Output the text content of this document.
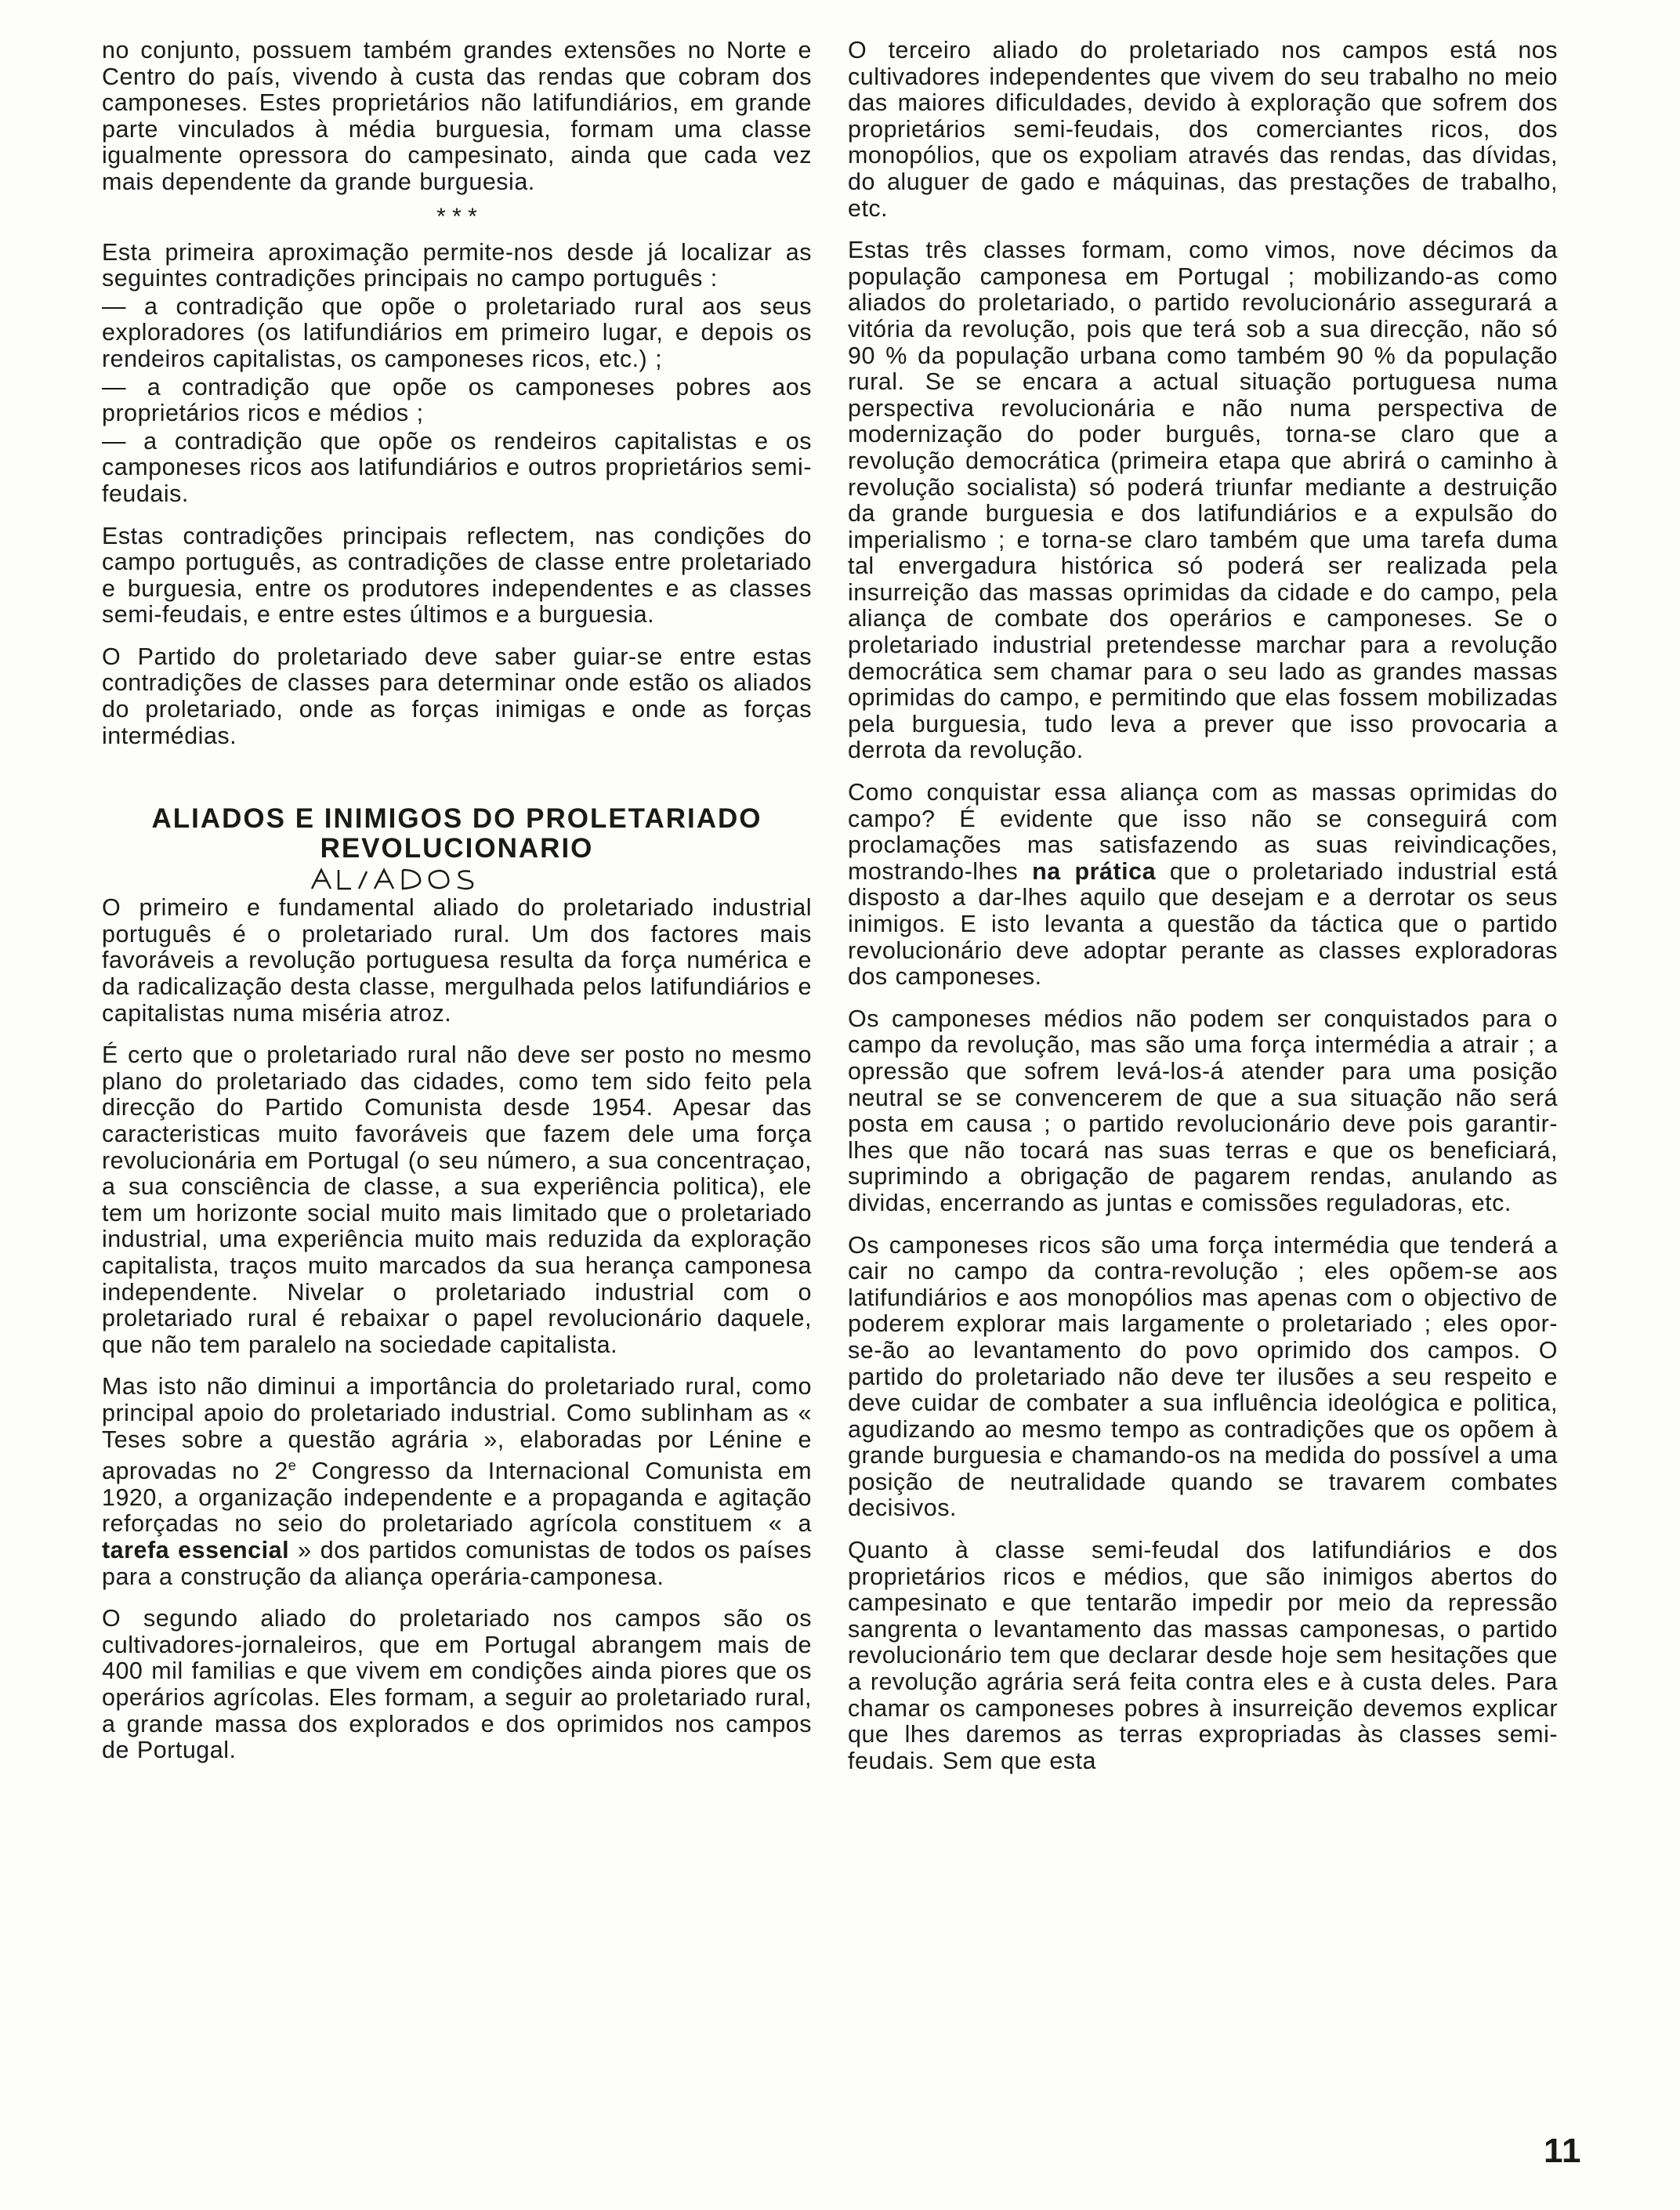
no conjunto, possuem também grandes extensões no Norte e Centro do país, vivendo à custa das rendas que cobram dos camponeses. Estes proprietários não latifundiários, em grande parte vinculados à média burguesia, formam uma classe igualmente opressora do campesinato, ainda que cada vez mais dependente da grande burguesia.

* * *

Esta primeira aproximação permite-nos desde já localizar as seguintes contradições principais no campo português :

— a contradição que opõe o proletariado rural aos seus exploradores (os latifundiários em primeiro lugar, e depois os rendeiros capitalistas, os camponeses ricos, etc.) ;

— a contradição que opõe os camponeses pobres aos proprietários ricos e médios ;

— a contradição que opõe os rendeiros capitalistas e os camponeses ricos aos latifundiários e outros proprietários semi-feudais.

Estas contradições principais reflectem, nas condições do campo português, as contradições de classe entre proletariado e burguesia, entre os produtores independentes e as classes semi-feudais, e entre estes últimos e a burguesia.

O Partido do proletariado deve saber guiar-se entre estas contradições de classes para determinar onde estão os aliados do proletariado, onde as forças inimigas e onde as forças intermédias.

ALIADOS E INIMIGOS DO PROLETARIADO REVOLUCIONARIO

O primeiro e fundamental aliado do proletariado industrial português é o proletariado rural. Um dos factores mais favoráveis a revolução portuguesa resulta da força numérica e da radicalização desta classe, mergulhada pelos latifundiários e capitalistas numa miséria atroz.

É certo que o proletariado rural não deve ser posto no mesmo plano do proletariado das cidades, como tem sido feito pela direcção do Partido Comunista desde 1954. Apesar das caracteristicas muito favoráveis que fazem dele uma força revolucionária em Portugal (o seu número, a sua concentraçao, a sua consciência de classe, a sua experiência politica), ele tem um horizonte social muito mais limitado que o proletariado industrial, uma experiência muito mais reduzida da exploração capitalista, traços muito marcados da sua herança camponesa independente. Nivelar o proletariado industrial com o proletariado rural é rebaixar o papel revolucionário daquele, que não tem paralelo na sociedade capitalista.

Mas isto não diminui a importância do proletariado rural, como principal apoio do proletariado industrial. Como sublinham as « Teses sobre a questão agrária », elaboradas por Lénine e aprovadas no 2e Congresso da Internacional Comunista em 1920, a organização independente e a propaganda e agitação reforçadas no seio do proletariado agrícola constituem « a tarefa essencial » dos partidos comunistas de todos os países para a construção da aliança operária-camponesa.

O segundo aliado do proletariado nos campos são os cultivadores-jornaleiros, que em Portugal abrangem mais de 400 mil familias e que vivem em condições ainda piores que os operários agrícolas. Eles formam, a seguir ao proletariado rural, a grande massa dos explorados e dos oprimidos nos campos de Portugal.

O terceiro aliado do proletariado nos campos está nos cultivadores independentes que vivem do seu trabalho no meio das maiores dificuldades, devido à exploração que sofrem dos proprietários semi-feudais, dos comerciantes ricos, dos monopólios, que os expoliam através das rendas, das dívidas, do aluguer de gado e máquinas, das prestações de trabalho, etc.

Estas três classes formam, como vimos, nove décimos da população camponesa em Portugal ; mobilizando-as como aliados do proletariado, o partido revolucionário assegurará a vitória da revolução, pois que terá sob a sua direcção, não só 90 % da população urbana como também 90 % da população rural. Se se encara a actual situação portuguesa numa perspectiva revolucionária e não numa perspectiva de modernização do poder burguês, torna-se claro que a revolução democrática (primeira etapa que abrirá o caminho à revolução socialista) só poderá triunfar mediante a destruição da grande burguesia e dos latifundiários e a expulsão do imperialismo ; e torna-se claro também que uma tarefa duma tal envergadura histórica só poderá ser realizada pela insurreição das massas oprimidas da cidade e do campo, pela aliança de combate dos operários e camponeses. Se o proletariado industrial pretendesse marchar para a revolução democrática sem chamar para o seu lado as grandes massas oprimidas do campo, e permitindo que elas fossem mobilizadas pela burguesia, tudo leva a prever que isso provocaria a derrota da revolução.

Como conquistar essa aliança com as massas oprimidas do campo? É evidente que isso não se conseguirá com proclamações mas satisfazendo as suas reivindicações, mostrando-lhes na prática que o proletariado industrial está disposto a dar-lhes aquilo que desejam e a derrotar os seus inimigos. E isto levanta a questão da táctica que o partido revolucionário deve adoptar perante as classes exploradoras dos camponeses.

Os camponeses médios não podem ser conquistados para o campo da revolução, mas são uma força intermédia a atrair ; a opressão que sofrem levá-los-á atender para uma posição neutral se se convencerem de que a sua situação não será posta em causa ; o partido revolucionário deve pois garantir-lhes que não tocará nas suas terras e que os beneficiará, suprimindo a obrigação de pagarem rendas, anulando as dividas, encerrando as juntas e comissões reguladoras, etc.

Os camponeses ricos são uma força intermédia que tenderá a cair no campo da contra-revolução ; eles opõem-se aos latifundiários e aos monopólios mas apenas com o objectivo de poderem explorar mais largamente o proletariado ; eles opor-se-ão ao levantamento do povo oprimido dos campos. O partido do proletariado não deve ter ilusões a seu respeito e deve cuidar de combater a sua influência ideológica e politica, agudizando ao mesmo tempo as contradições que os opõem à grande burguesia e chamando-os na medida do possível a uma posição de neutralidade quando se travarem combates decisivos.

Quanto à classe semi-feudal dos latifundiários e dos proprietários ricos e médios, que são inimigos abertos do campesinato e que tentarão impedir por meio da repressão sangrenta o levantamento das massas camponesas, o partido revolucionário tem que declarar desde hoje sem hesitações que a revolução agrária será feita contra eles e à custa deles. Para chamar os camponeses pobres à insurreição devemos explicar que lhes daremos as terras expropriadas às classes semi-feudais. Sem que esta

11
